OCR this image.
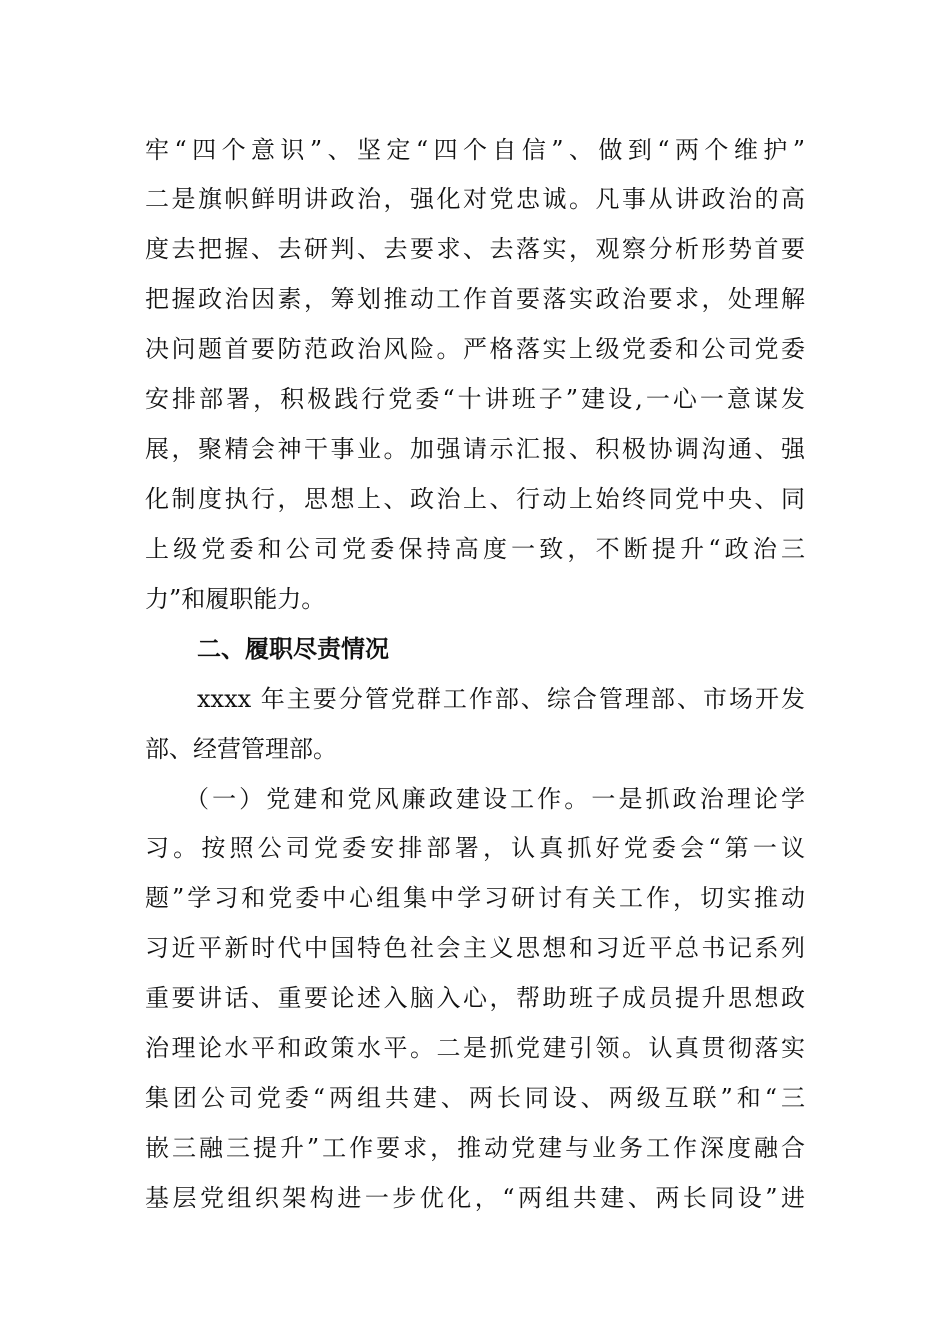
牢“四个意识”、坚定“四个自信”、做到“两个维护”
二是旗帜鲜明讲政治，强化对党忠诚。凡事从讲政治的高
度去把握、去研判、去要求、去落实，观察分析形势首要
把握政治因素，筹划推动工作首要落实政治要求，处理解
决问题首要防范政治风险。严格落实上级党委和公司党委
安排部署，积极践行党委“十讲班子”建设,一心一意谋发
展，聚精会神干事业。加强请示汇报、积极协调沟通、强
化制度执行，思想上、政治上、行动上始终同党中央、同
上级党委和公司党委保持高度一致，不断提升“政治三
力”和履职能力。
二、履职尽责情况
xxxx 年主要分管党群工作部、综合管理部、市场开发
部、经营管理部。
（一）党建和党风廉政建设工作。一是抓政治理论学
习。按照公司党委安排部署，认真抓好党委会“第一议
题”学习和党委中心组集中学习研讨有关工作，切实推动
习近平新时代中国特色社会主义思想和习近平总书记系列
重要讲话、重要论述入脑入心，帮助班子成员提升思想政
治理论水平和政策水平。二是抓党建引领。认真贯彻落实
集团公司党委“两组共建、两长同设、两级互联”和“三
嵌三融三提升”工作要求，推动党建与业务工作深度融合
基层党组织架构进一步优化，“两组共建、两长同设”进
